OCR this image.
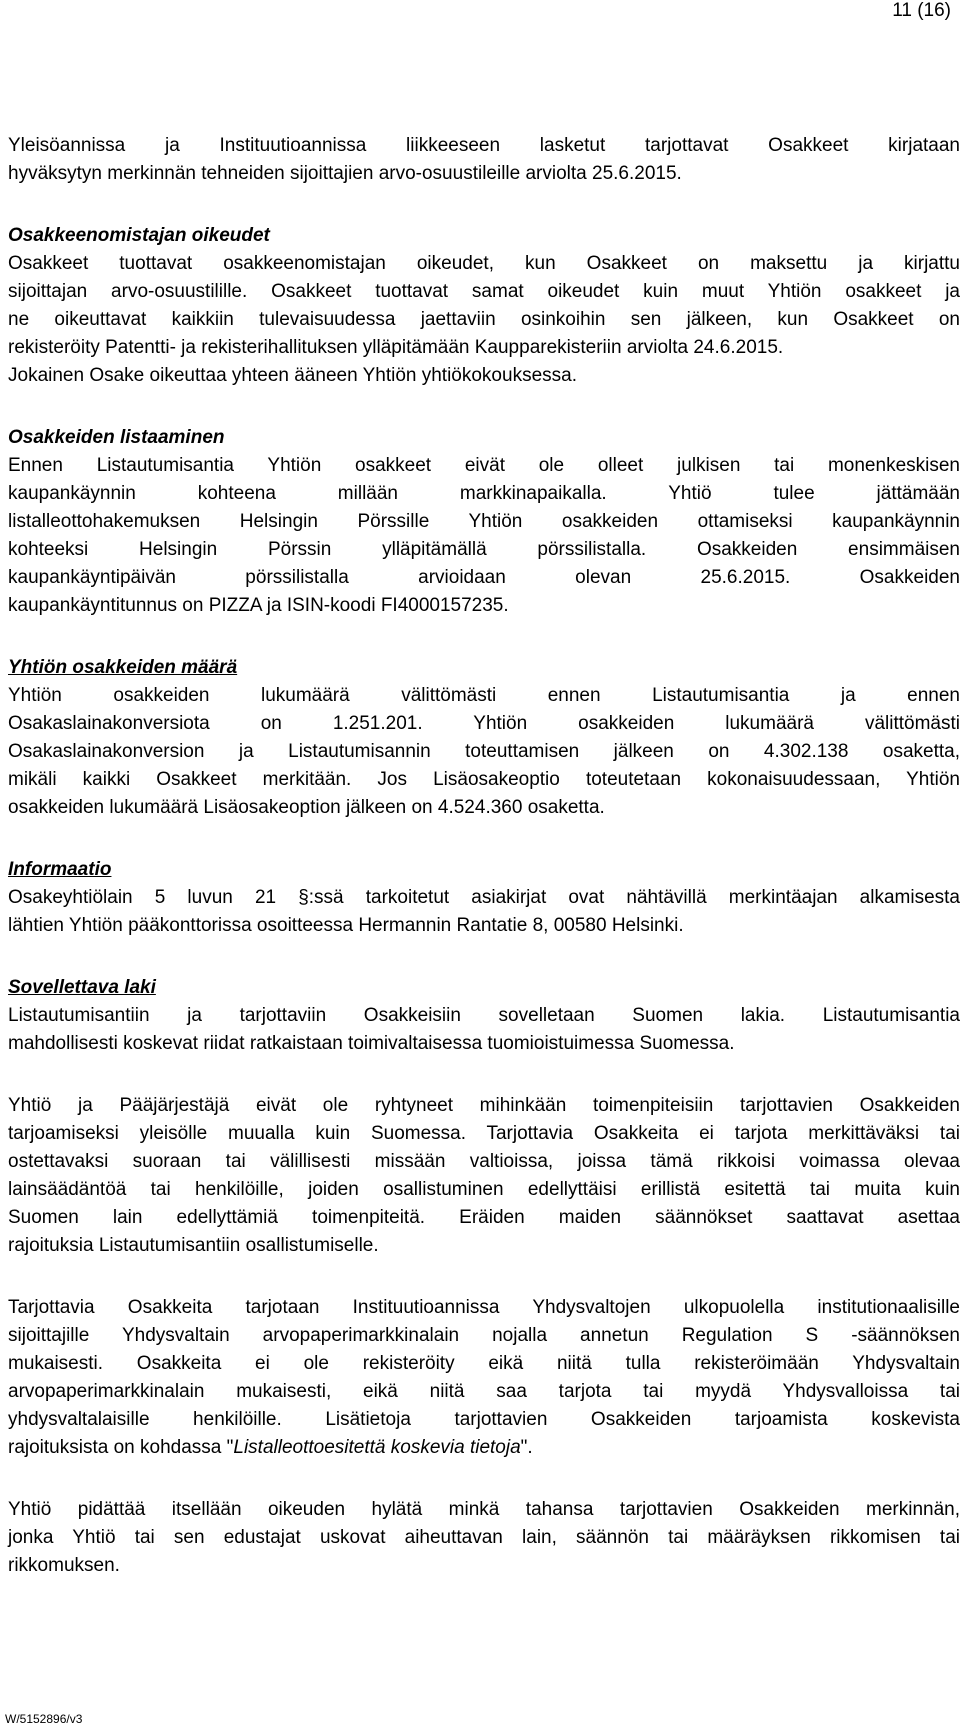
11 (16)
Yleisöannissa ja Instituutioannissa liikkeeseen lasketut tarjottavat Osakkeet kirjataan
hyväksytyn merkinnän tehneiden sijoittajien arvo-osuustileille arviolta 25.6.2015.
Osakkeenomistajan oikeudet
Osakkeet tuottavat osakkeenomistajan oikeudet, kun Osakkeet on maksettu ja kirjattu
sijoittajan arvo-osuustilille. Osakkeet tuottavat samat oikeudet kuin muut Yhtiön osakkeet ja
ne oikeuttavat kaikkiin tulevaisuudessa jaettaviin osinkoihin sen jälkeen, kun Osakkeet on
rekisteröity Patentti- ja rekisterihallituksen ylläpitämään Kaupparekisteriin arviolta 24.6.2015.
Jokainen Osake oikeuttaa yhteen ääneen Yhtiön yhtiökokouksessa.
Osakkeiden listaaminen
Ennen Listautumisantia Yhtiön osakkeet eivät ole olleet julkisen tai monenkeskisen
kaupankäynnin kohteena millään markkinapaikalla. Yhtiö tulee jättämään
listalleottohakemuksen Helsingin Pörssille Yhtiön osakkeiden ottamiseksi kaupankäynnin
kohteeksi Helsingin Pörssin ylläpitämällä pörssilistalla. Osakkeiden ensimmäisen
kaupankäyntipäivän pörssilistalla arvioidaan olevan 25.6.2015. Osakkeiden
kaupankäyntitunnus on PIZZA ja ISIN-koodi FI4000157235.
Yhtiön osakkeiden määrä
Yhtiön osakkeiden lukumäärä välittömästi ennen Listautumisantia ja ennen
Osakaslainakonversiota on 1.251.201. Yhtiön osakkeiden lukumäärä välittömästi
Osakaslainakonversion ja Listautumisannin toteuttamisen jälkeen on 4.302.138 osaketta,
mikäli kaikki Osakkeet merkitään. Jos Lisäosakeoptio toteutetaan kokonaisuudessaan, Yhtiön
osakkeiden lukumäärä Lisäosakeoption jälkeen on 4.524.360 osaketta.
Informaatio
Osakeyhtiölain 5 luvun 21 §:ssä tarkoitetut asiakirjat ovat nähtävillä merkintäajan alkamisesta
lähtien Yhtiön pääkonttorissa osoitteessa Hermannin Rantatie 8, 00580 Helsinki.
Sovellettava laki
Listautumisantiin ja tarjottaviin Osakkeisiin sovelletaan Suomen lakia. Listautumisantia
mahdollisesti koskevat riidat ratkaistaan toimivaltaisessa tuomioistuimessa Suomessa.
Yhtiö ja Pääjärjestäjä eivät ole ryhtyneet mihinkään toimenpiteisiin tarjottavien Osakkeiden
tarjoamiseksi yleisölle muualla kuin Suomessa. Tarjottavia Osakkeita ei tarjota merkittäväksi tai
ostettavaksi suoraan tai välillisesti missään valtioissa, joissa tämä rikkoisi voimassa olevaa
lainsäädäntöä tai henkilöille, joiden osallistuminen edellyttäisi erillistä esitettä tai muita kuin
Suomen lain edellyttämiä toimenpiteitä. Eräiden maiden säännökset saattavat asettaa
rajoituksia Listautumisantiin osallistumiselle.
Tarjottavia Osakkeita tarjotaan Instituutioannissa Yhdysvaltojen ulkopuolella institutionaalisille
sijoittajille Yhdysvaltain arvopaperimarkkinalain nojalla annetun Regulation S -säännöksen
mukaisesti. Osakkeita ei ole rekisteröity eikä niitä tulla rekisteröimään Yhdysvaltain
arvopaperimarkkinalain mukaisesti, eikä niitä saa tarjota tai myydä Yhdysvalloissa tai
yhdysvaltalaisille henkilöille. Lisätietoja tarjottavien Osakkeiden tarjoamista koskevista
rajoituksista on kohdassa "Listalleottoesitettä koskevia tietoja".
Yhtiö pidättää itsellään oikeuden hylätä minkä tahansa tarjottavien Osakkeiden merkinnän,
jonka Yhtiö tai sen edustajat uskovat aiheuttavan lain, säännön tai määräyksen rikkomisen tai
rikkomuksen.
W/5152896/v3
